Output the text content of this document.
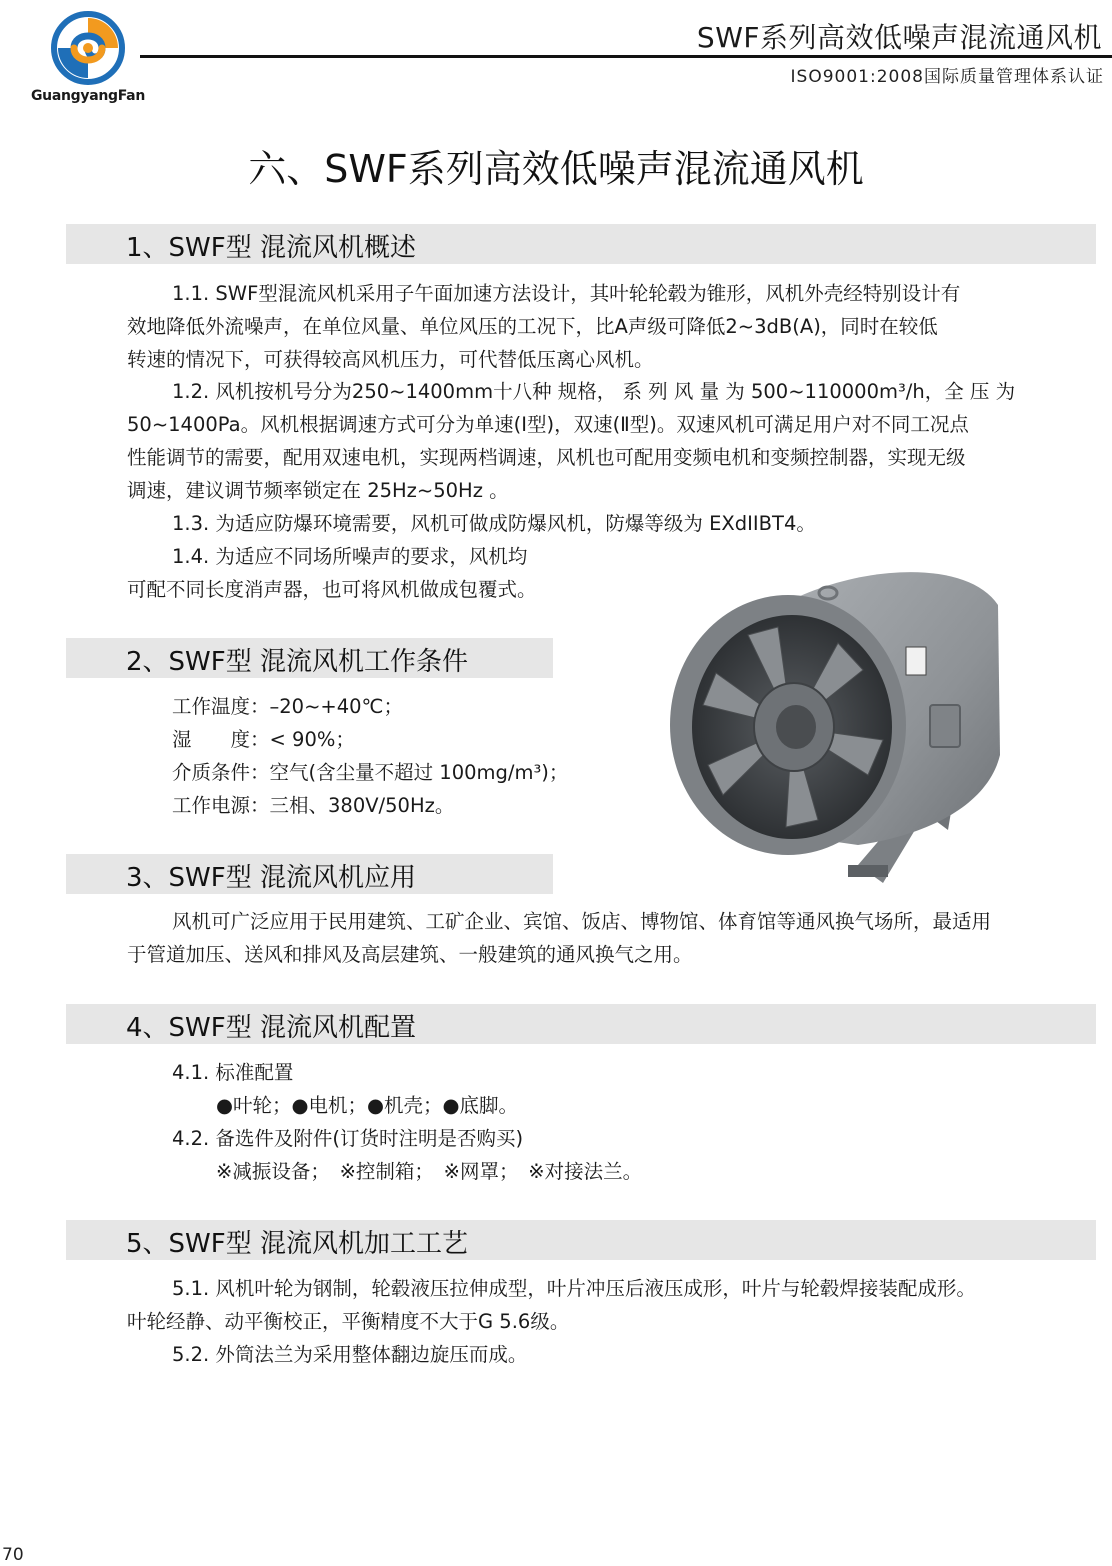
GuangyangFan
SWF系列高效低噪声混流通风机
ISO9001:2008国际质量管理体系认证
六、SWF系列高效低噪声混流通风机
1、SWF型 混流风机概述
1.1. SWF型混流风机采用子午面加速方法设计，其叶轮轮毂为锥形，风机外壳经特别设计有
效地降低外流噪声，在单位风量、单位风压的工况下，比A声级可降低2~3dB(A)，同时在较低
转速的情况下，可获得较高风机压力，可代替低压离心风机。
1.2. 风机按机号分为250~1400mm十八种 规格， 系 列 风 量 为 500~110000m³/h，全 压 为
50~1400Pa。风机根据调速方式可分为单速(Ⅰ型)，双速(Ⅱ型)。双速风机可满足用户对不同工况点
性能调节的需要，配用双速电机，实现两档调速，风机也可配用变频电机和变频控制器，实现无级
调速，建议调节频率锁定在 25Hz~50Hz 。
1.3. 为适应防爆环境需要，风机可做成防爆风机，防爆等级为 EXdIIBT4。
1.4. 为适应不同场所噪声的要求，风机均
可配不同长度消声器，也可将风机做成包覆式。
2、SWF型 混流风机工作条件
工作温度：–20~+40℃；
湿　　度：< 90%；
介质条件：空气(含尘量不超过 100mg/m³)；
工作电源：三相、380V/50Hz。
3、SWF型 混流风机应用
风机可广泛应用于民用建筑、工矿企业、宾馆、饭店、博物馆、体育馆等通风换气场所，最适用
于管道加压、送风和排风及高层建筑、一般建筑的通风换气之用。
4、SWF型 混流风机配置
4.1. 标准配置
●叶轮；●电机；●机壳；●底脚。
4.2. 备选件及附件(订货时注明是否购买)
※减振设备；　※控制箱；　※网罩；　※对接法兰。
5、SWF型 混流风机加工工艺
5.1. 风机叶轮为钢制，轮毂液压拉伸成型，叶片冲压后液压成形，叶片与轮毂焊接装配成形。
叶轮经静、动平衡校正，平衡精度不大于G 5.6级。
5.2. 外筒法兰为采用整体翻边旋压而成。
70
